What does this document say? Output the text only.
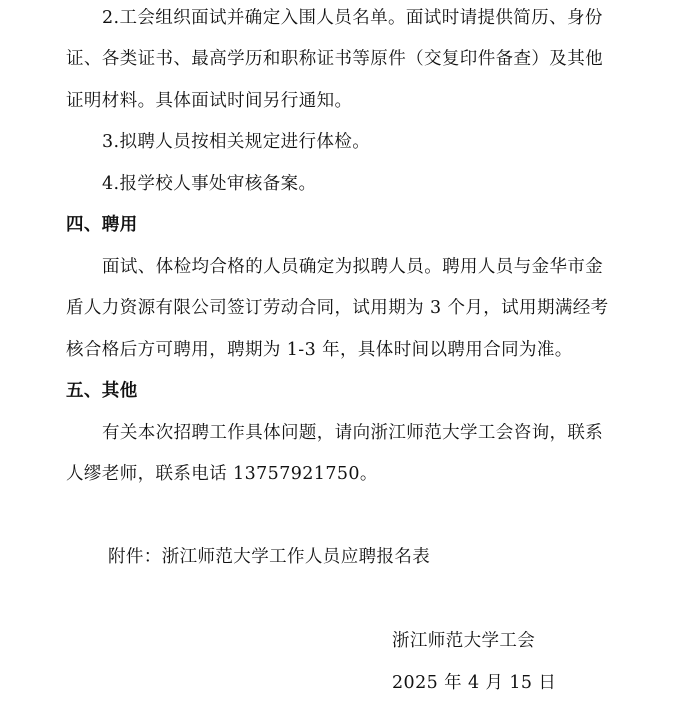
2.工会组织面试并确定入围人员名单。面试时请提供简历、身份
证、各类证书、最高学历和职称证书等原件（交复印件备查）及其他
证明材料。具体面试时间另行通知。
3.拟聘人员按相关规定进行体检。
4.报学校人事处审核备案。
四、聘用
面试、体检均合格的人员确定为拟聘人员。聘用人员与金华市金
盾人力资源有限公司签订劳动合同，试用期为 3 个月，试用期满经考
核合格后方可聘用，聘期为 1-3 年，具体时间以聘用合同为准。
五、其他
有关本次招聘工作具体问题，请向浙江师范大学工会咨询，联系
人缪老师，联系电话 13757921750。
附件：浙江师范大学工作人员应聘报名表
浙江师范大学工会
2025 年 4 月 15 日
